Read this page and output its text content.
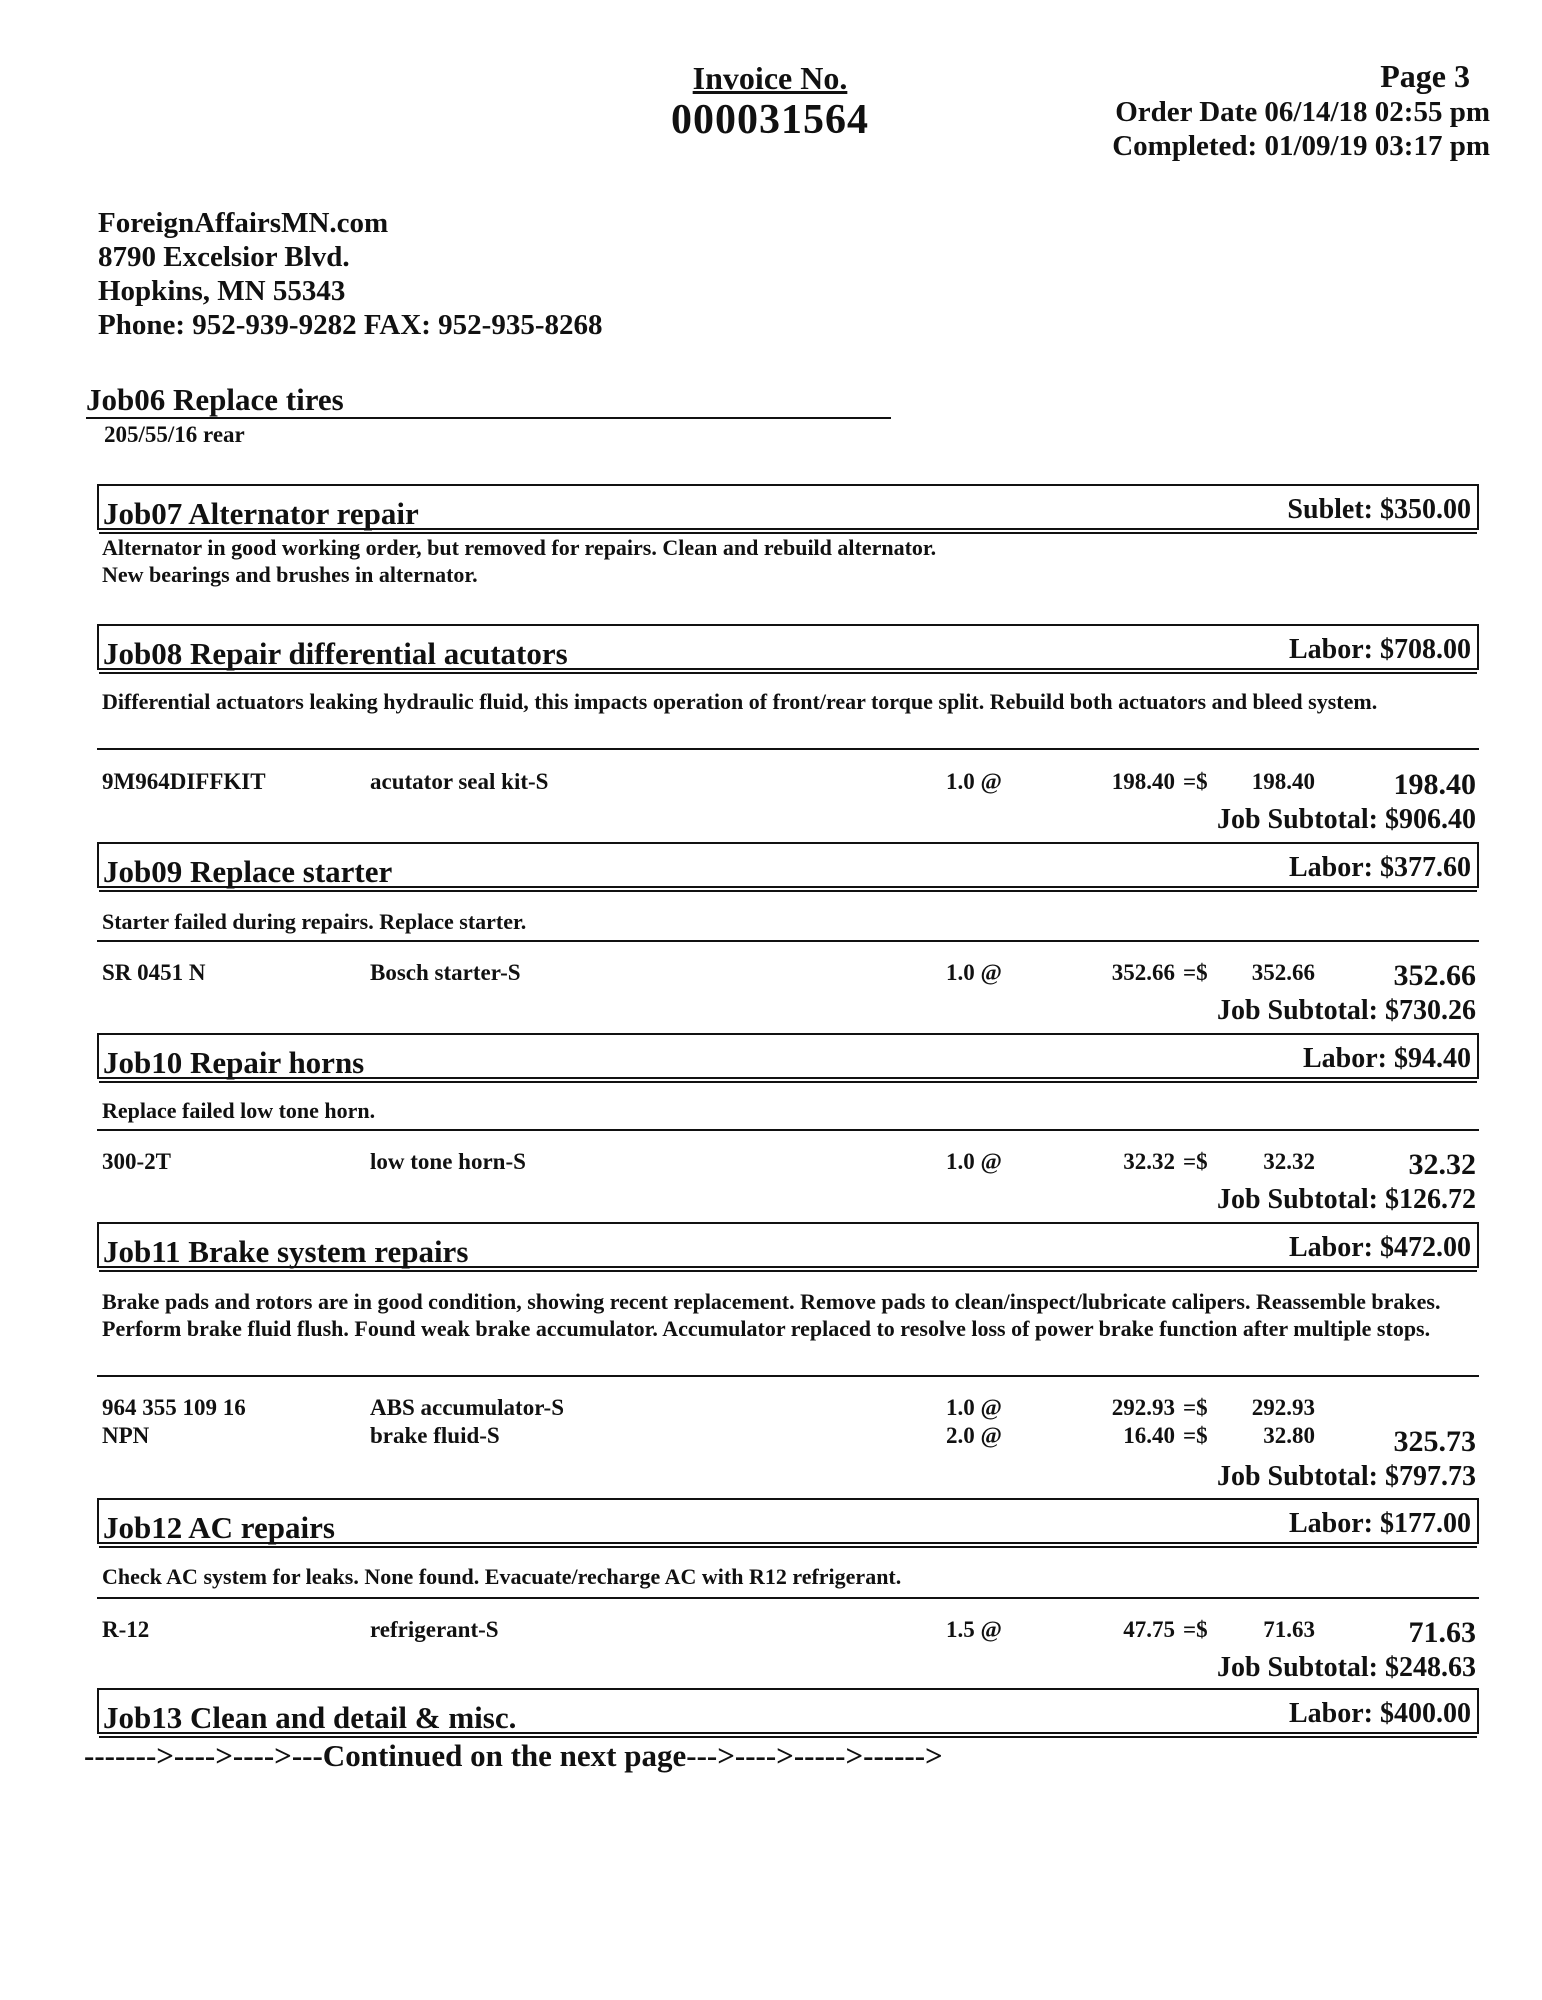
Invoice No.
000031564
Page 3
Order Date 06/14/18 02:55 pm
Completed: 01/09/19 03:17 pm
ForeignAffairsMN.com
8790 Excelsior Blvd.
Hopkins, MN 55343
Phone: 952-939-9282 FAX: 952-935-8268
Job06 Replace tires
205/55/16 rear
Job07 Alternator repair	Sublet: $350.00
Alternator in good working order, but removed for repairs. Clean and rebuild alternator.
New bearings and brushes in alternator.
Job08 Repair differential acutators	Labor: $708.00
Differential actuators leaking hydraulic fluid, this impacts operation of front/rear torque split. Rebuild both actuators and bleed system.
9M964DIFFKIT	acutator seal kit-S	1.0 @	198.40 =$	198.40	198.40
Job Subtotal: $906.40
Job09 Replace starter	Labor: $377.60
Starter failed during repairs. Replace starter.
SR 0451 N	Bosch starter-S	1.0 @	352.66 =$	352.66	352.66
Job Subtotal: $730.26
Job10 Repair horns	Labor: $94.40
Replace failed low tone horn.
300-2T	low tone horn-S	1.0 @	32.32 =$	32.32	32.32
Job Subtotal: $126.72
Job11 Brake system repairs	Labor: $472.00
Brake pads and rotors are in good condition, showing recent replacement. Remove pads to clean/inspect/lubricate calipers. Reassemble brakes. Perform brake fluid flush. Found weak brake accumulator. Accumulator replaced to resolve loss of power brake function after multiple stops.
964 355 109 16	ABS accumulator-S	1.0 @	292.93 =$	292.93
NPN	brake fluid-S	2.0 @	16.40 =$	32.80	325.73
Job Subtotal: $797.73
Job12 AC repairs	Labor: $177.00
Check AC system for leaks. None found. Evacuate/recharge AC with R12 refrigerant.
R-12	refrigerant-S	1.5 @	47.75 =$	71.63	71.63
Job Subtotal: $248.63
Job13 Clean and detail & misc.	Labor: $400.00
------->---->---->---Continued on the next page--->---->----->------>
